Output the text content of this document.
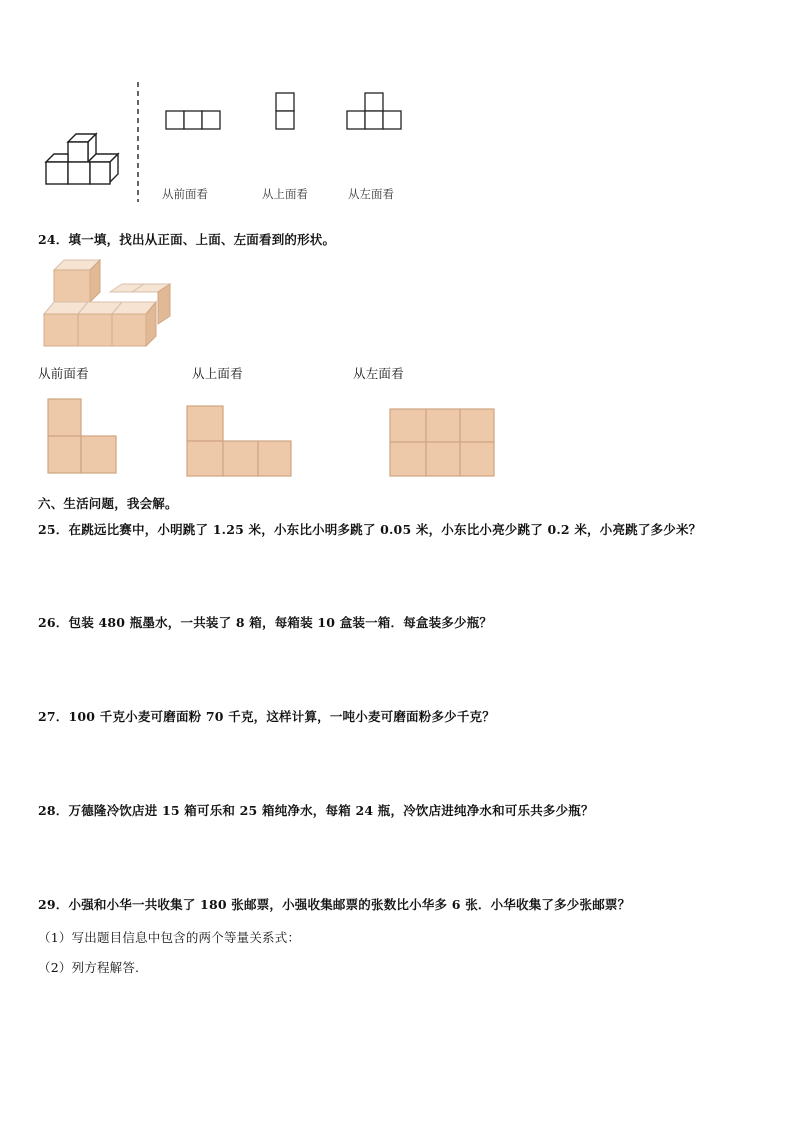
从前面看	从上面看	从左面看
24．填一填，找出从正面、上面、左面看到的形状。
从前面看	从上面看	从左面看
六、生活问题，我会解。
25．在跳远比赛中，小明跳了 1.25 米，小东比小明多跳了 0.05 米，小东比小亮少跳了 0.2 米，小亮跳了多少米？
26．包装 480 瓶墨水，一共装了 8 箱，每箱装 10 盒装一箱．每盒装多少瓶？
27．100 千克小麦可磨面粉 70 千克，这样计算，一吨小麦可磨面粉多少千克？
28．万德隆冷饮店进 15 箱可乐和 25 箱纯净水，每箱 24 瓶，冷饮店进纯净水和可乐共多少瓶？
29．小强和小华一共收集了 180 张邮票，小强收集邮票的张数比小华多 6 张．小华收集了多少张邮票？
（1）写出题目信息中包含的两个等量关系式：
（2）列方程解答.
